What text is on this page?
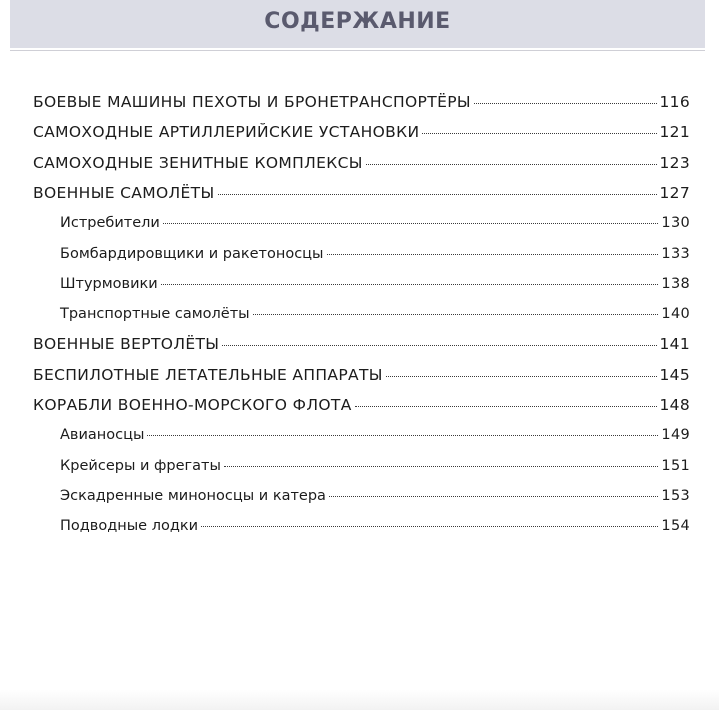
СОДЕРЖАНИЕ
БОЕВЫЕ МАШИНЫ ПЕХОТЫ И БРОНЕТРАНСПОРТЁРЫ	116
САМОХОДНЫЕ АРТИЛЛЕРИЙСКИЕ УСТАНОВКИ	121
САМОХОДНЫЕ ЗЕНИТНЫЕ КОМПЛЕКСЫ	123
ВОЕННЫЕ САМОЛЁТЫ	127
Истребители	130
Бомбардировщики и ракетоносцы	133
Штурмовики	138
Транспортные самолёты	140
ВОЕННЫЕ ВЕРТОЛЁТЫ	141
БЕСПИЛОТНЫЕ ЛЕТАТЕЛЬНЫЕ АППАРАТЫ	145
КОРАБЛИ ВОЕННО-МОРСКОГО ФЛОТА	148
Авианосцы	149
Крейсеры и фрегаты	151
Эскадренные миноносцы и катера	153
Подводные лодки	154
